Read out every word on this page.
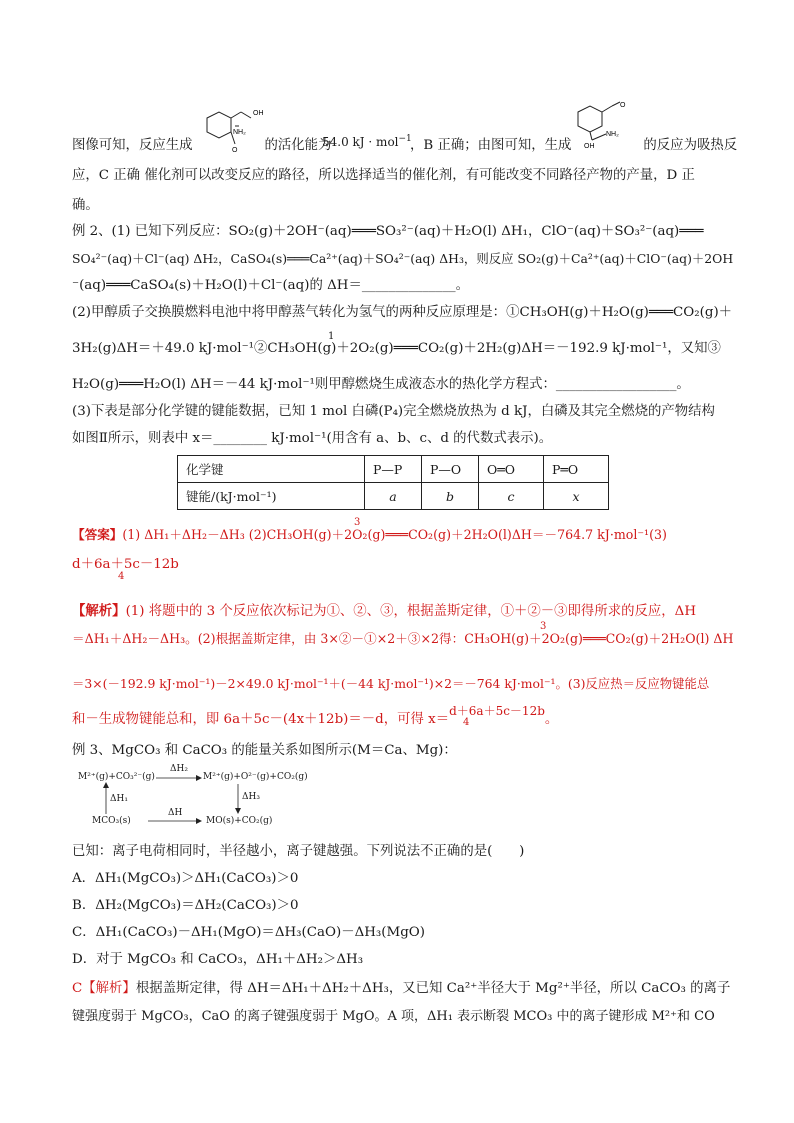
图像可知，反应生成	的活化能为
54.0 kJ · mol$^{-1}$
，B 正确；由图可知，生成	的反应为吸热反
OH
NH₂
O
O
OH
NH₂
应，C 正确 催化剂可以改变反应的路径，所以选择适当的催化剂，有可能改变不同路径产物的产量，D 正
确。
例 2、(1) 已知下列反应：SO₂(g)＋2OH⁻(aq)═══SO₃²⁻(aq)＋H₂O(l) ΔH₁，ClO⁻(aq)＋SO₃²⁻(aq)═══
SO₄²⁻(aq)＋Cl⁻(aq) ΔH₂，CaSO₄(s)═══Ca²⁺(aq)＋SO₄²⁻(aq) ΔH₃，则反应 SO₂(g)＋Ca²⁺(aq)＋ClO⁻(aq)＋2OH
⁻(aq)═══CaSO₄(s)＋H₂O(l)＋Cl⁻(aq)的 ΔH＝______________。
(2)甲醇质子交换膜燃料电池中将甲醇蒸气转化为氢气的两种反应原理是：①CH₃OH(g)＋H₂O(g)═══CO₂(g)＋
1
3H₂(g)ΔH＝＋49.0 kJ·mol⁻¹②CH₃OH(g)＋2O₂(g)═══CO₂(g)＋2H₂(g)ΔH＝－192.9 kJ·mol⁻¹，又知③
H₂O(g)═══H₂O(l) ΔH＝－44 kJ·mol⁻¹则甲醇燃烧生成液态水的热化学方程式：__________________。
(3)下表是部分化学键的键能数据，已知 1 mol 白磷(P₄)完全燃烧放热为 d kJ，白磷及其完全燃烧的产物结构
如图Ⅱ所示，则表中 x＝________ kJ·mol⁻¹(用含有 a、b、c、d 的代数式表示)。
化学键	P—P	P—O	O═O	P═O
键能/(kJ·mol⁻¹)	a	b	c	x
3
【答案】(1) ΔH₁＋ΔH₂－ΔH₃ (2)CH₃OH(g)＋2O₂(g)═══CO₂(g)＋2H₂O(l)ΔH＝－764.7 kJ·mol⁻¹(3)
d＋6a＋5c－12b
4
【解析】(1) 将题中的 3 个反应依次标记为①、②、③，根据盖斯定律，①＋②－③即得所求的反应，ΔH
3
＝ΔH₁＋ΔH₂－ΔH₃。(2)根据盖斯定律，由 3×②－①×2＋③×2得：CH₃OH(g)＋2O₂(g)═══CO₂(g)＋2H₂O(l) ΔH
＝3×(－192.9 kJ·mol⁻¹)－2×49.0 kJ·mol⁻¹＋(－44 kJ·mol⁻¹)×2＝－764 kJ·mol⁻¹。(3)反应热＝反应物键能总
和－生成物键能总和，即 6a＋5c－(4x＋12b)＝－d，可得 x＝d＋6a＋5c－12b。
4
例 3、MgCO₃ 和 CaCO₃ 的能量关系如图所示(M＝Ca、Mg)：
M²⁺(g)+CO₃²⁻(g)	M²⁺(g)+O²⁻(g)+CO₂(g)
MCO₃(s)	MO(s)+CO₂(g)
ΔH₁
ΔH₂
ΔH₃
ΔH
已知：离子电荷相同时，半径越小，离子键越强。下列说法不正确的是(　　)
A．ΔH₁(MgCO₃)＞ΔH₁(CaCO₃)＞0
B．ΔH₂(MgCO₃)＝ΔH₂(CaCO₃)＞0
C．ΔH₁(CaCO₃)－ΔH₁(MgO)＝ΔH₃(CaO)－ΔH₃(MgO)
D．对于 MgCO₃ 和 CaCO₃，ΔH₁＋ΔH₂＞ΔH₃
C【解析】根据盖斯定律，得 ΔH＝ΔH₁＋ΔH₂＋ΔH₃，又已知 Ca²⁺半径大于 Mg²⁺半径，所以 CaCO₃ 的离子
键强度弱于 MgCO₃，CaO 的离子键强度弱于 MgO。A 项，ΔH₁ 表示断裂 MCO₃ 中的离子键形成 M²⁺和 CO
